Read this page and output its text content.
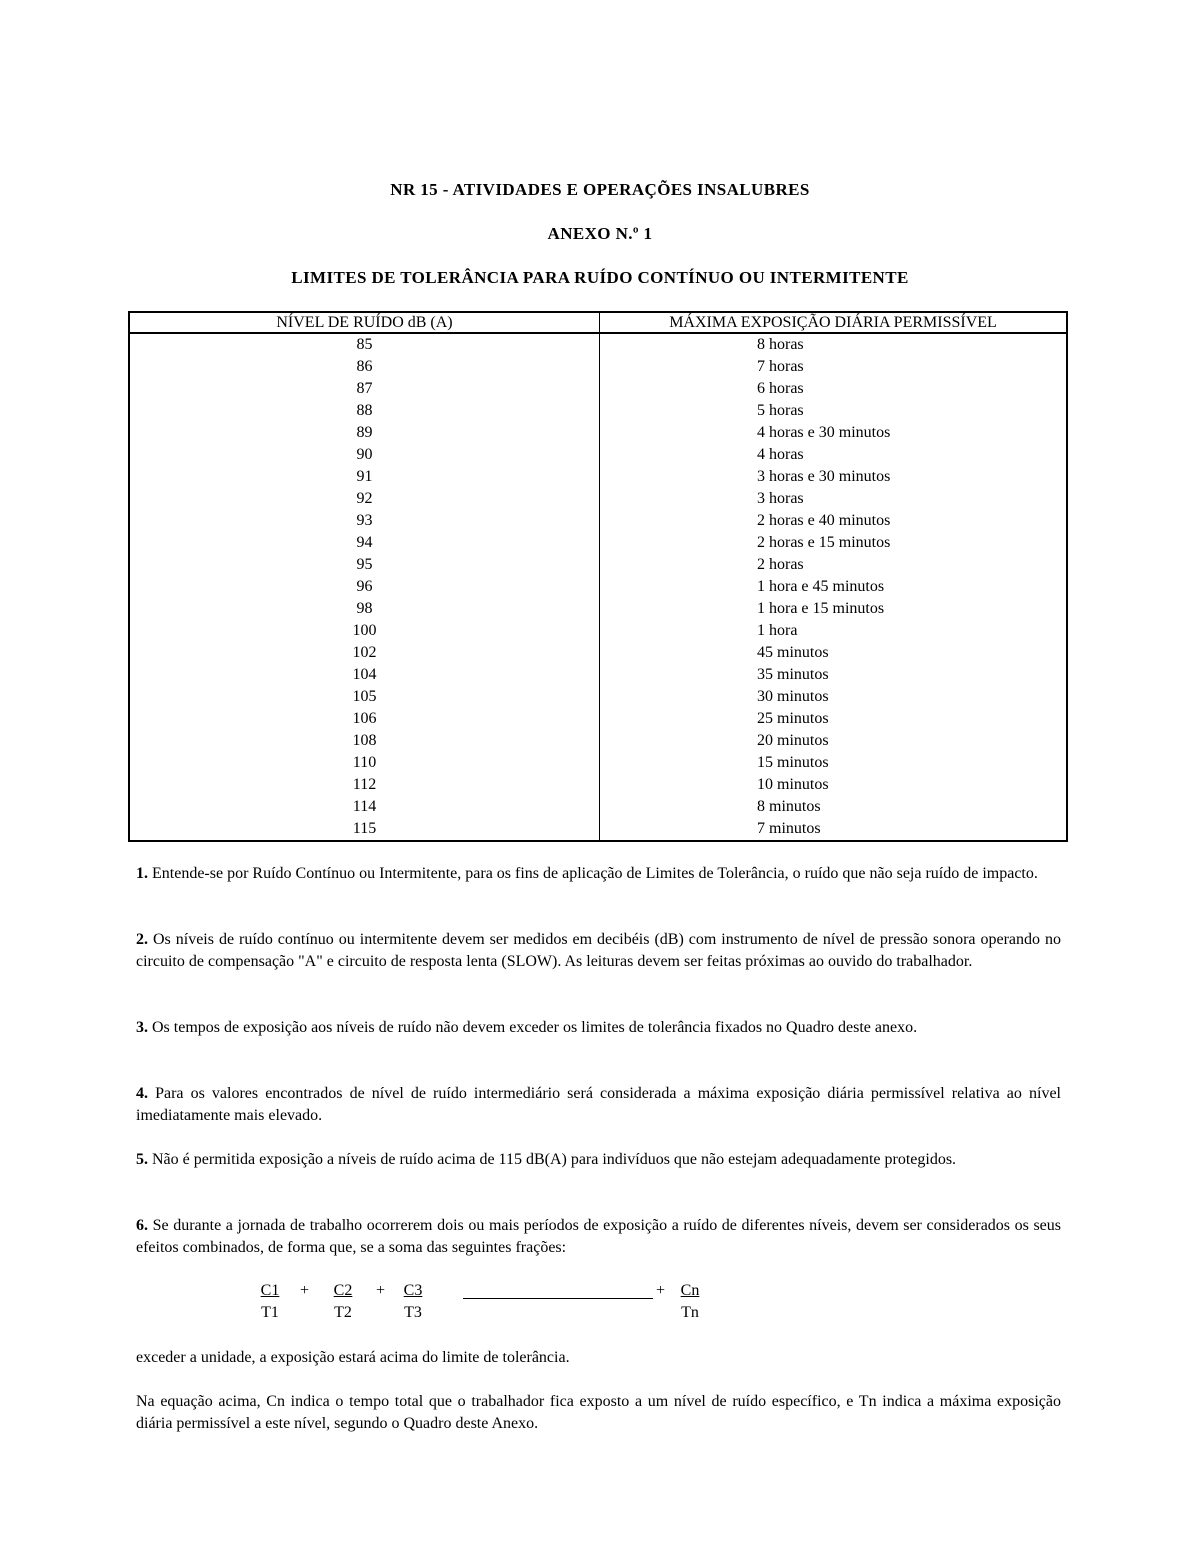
NR 15 - ATIVIDADES E OPERAÇÕES INSALUBRES
ANEXO N.º 1
LIMITES DE TOLERÂNCIA PARA RUÍDO CONTÍNUO OU INTERMITENTE
NÍVEL DE RUÍDO dB (A)	MÁXIMA EXPOSIÇÃO DIÁRIA PERMISSÍVEL
85	8 horas
86	7 horas
87	6 horas
88	5 horas
89	4 horas e 30 minutos
90	4 horas
91	3 horas e 30 minutos
92	3 horas
93	2 horas e 40 minutos
94	2 horas e 15 minutos
95	2 horas
96	1 hora e 45 minutos
98	1 hora e 15 minutos
100	1 hora
102	45 minutos
104	35 minutos
105	30 minutos
106	25 minutos
108	20 minutos
110	15 minutos
112	10 minutos
114	8 minutos
115	7 minutos
1. Entende-se por Ruído Contínuo ou Intermitente, para os fins de aplicação de Limites de Tolerância, o ruído que não seja ruído de impacto.
2. Os níveis de ruído contínuo ou intermitente devem ser medidos em decibéis (dB) com instrumento de nível de pressão sonora operando no circuito de compensação "A" e circuito de resposta lenta (SLOW). As leituras devem ser feitas próximas ao ouvido do trabalhador.
3. Os tempos de exposição aos níveis de ruído não devem exceder os limites de tolerância fixados no Quadro deste anexo.
4. Para os valores encontrados de nível de ruído intermediário será considerada a máxima exposição diária permissível relativa ao nível imediatamente mais elevado.
5. Não é permitida exposição a níveis de ruído acima de 115 dB(A) para indivíduos que não estejam adequadamente protegidos.
6. Se durante a jornada de trabalho ocorrerem dois ou mais períodos de exposição a ruído de diferentes níveis, devem ser considerados os seus efeitos combinados, de forma que, se a soma das seguintes frações:
$\frac{C1}{T1} + \frac{C2}{T2} + \frac{C3}{T3}$	+ $\frac{Cn}{Tn}$
exceder a unidade, a exposição estará acima do limite de tolerância.
Na equação acima, Cn indica o tempo total que o trabalhador fica exposto a um nível de ruído específico, e Tn indica a máxima exposição diária permissível a este nível, segundo o Quadro deste Anexo.
